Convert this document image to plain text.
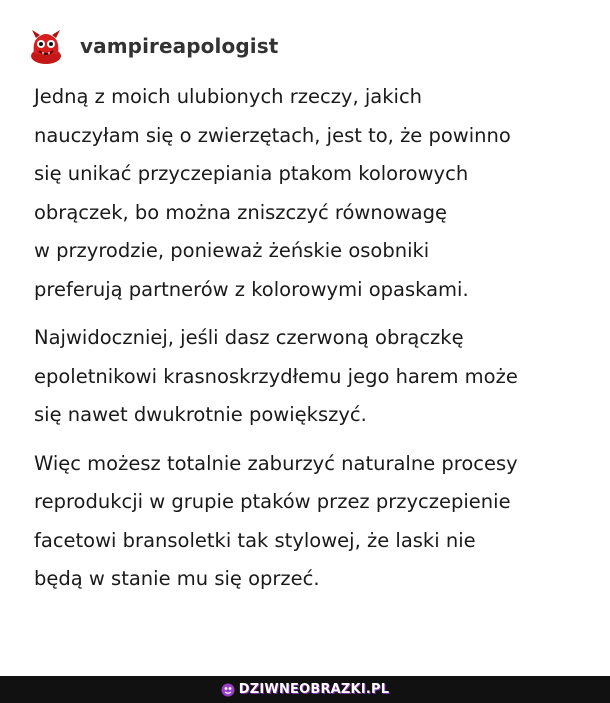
vampireapologist

Jedną z moich ulubionych rzeczy, jakich
nauczyłam się o zwierzętach, jest to, że powinno
się unikać przyczepiania ptakom kolorowych
obrączek, bo można zniszczyć równowagę
w przyrodzie, ponieważ żeńskie osobniki
preferują partnerów z kolorowymi opaskami.

Najwidoczniej, jeśli dasz czerwoną obrączkę
epoletnikowi krasnoskrzydłemu jego harem może
się nawet dwukrotnie powiększyć.

Więc możesz totalnie zaburzyć naturalne procesy
reprodukcji w grupie ptaków przez przyczepienie
facetowi bransoletki tak stylowej, że laski nie
będą w stanie mu się oprzeć.

DZIWNEOBRAZKI.PL
